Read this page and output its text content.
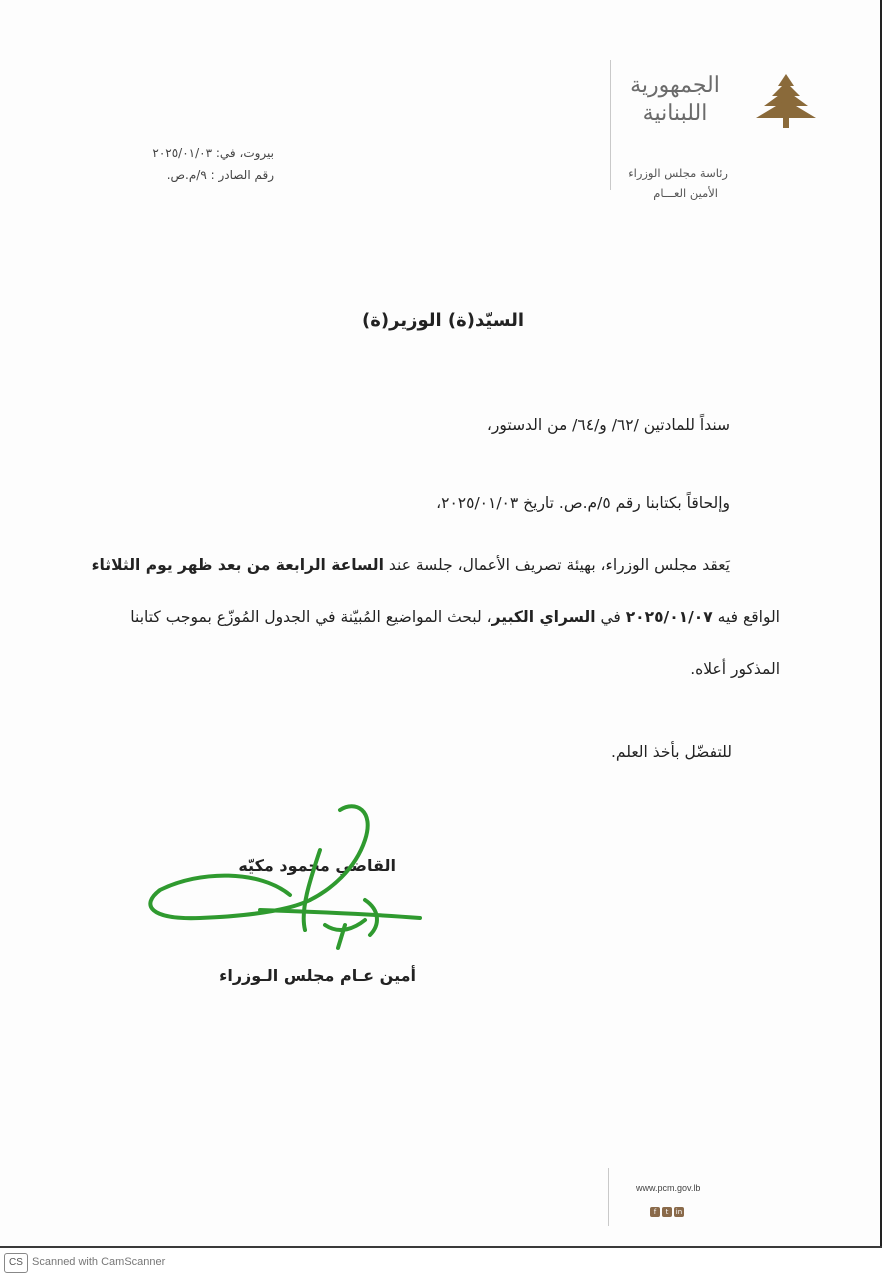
الجمهورية
اللبنانية
رئاسة مجلس الوزراء
الأمين العـــام
بيروت، في: ٢٠٢٥/٠١/٠٣
رقم الصادر : ٩/م.ص.
السيّد(ة) الوزير(ة)
سنداً للمادتين /٦٢/ و/٦٤/ من الدستور،
وإلحاقاً بكتابنا رقم ٥/م.ص. تاريخ ٢٠٢٥/٠١/٠٣،
يَعقد مجلس الوزراء، بهيئة تصريف الأعمال، جلسة عند الساعة الرابعة من بعد ظهر يوم الثلاثاء
الواقع فيه ٢٠٢٥/٠١/٠٧ في السراي الكبير، لبحث المواضيع المُبيّنة في الجدول المُوزّع بموجب كتابنا
المذكور أعلاه.
للتفضّل بأخذ العلم.
القاضي محمود مكيّه
أمين عـام مجلس الـوزراء
www.pcm.gov.lb
f t in
CS Scanned with CamScanner
